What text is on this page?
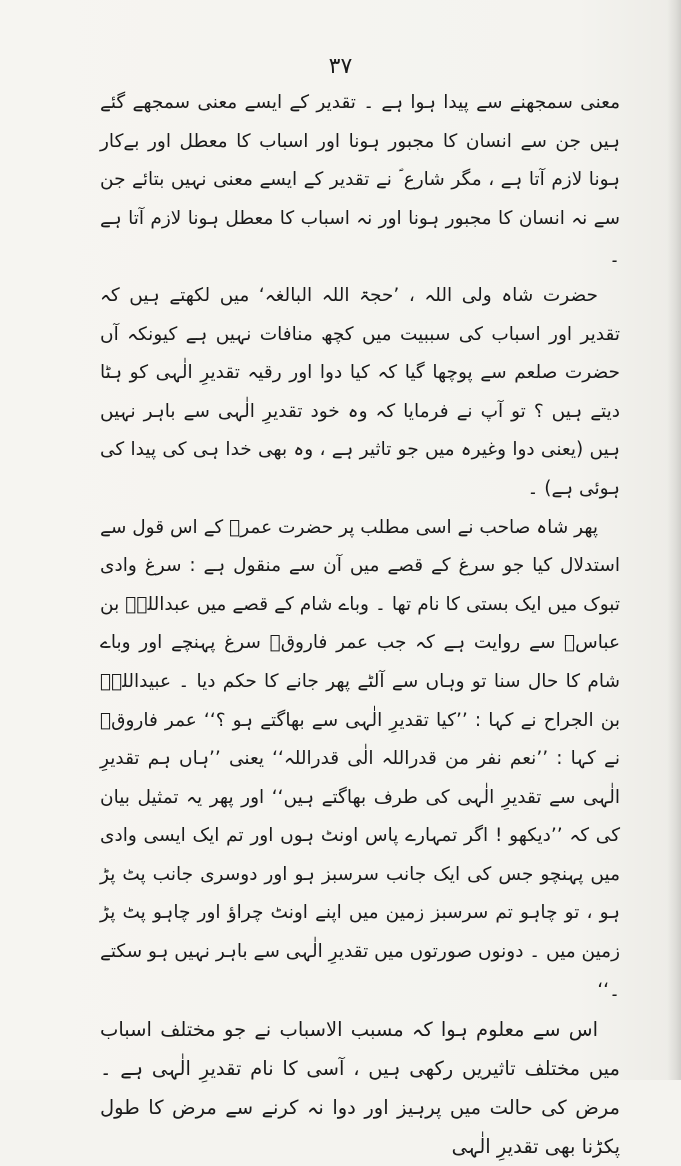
۳۷

معنی سمجھنے سے پیدا ہوا ہے ۔ تقدیر کے ایسے معنی سمجھے گئے ہیں جن سے انسان کا مجبور ہونا اور اسباب کا معطل اور بےکار ہونا لازم آتا ہے ، مگر شارع ؐ نے تقدیر کے ایسے معنی نہیں بتائے جن سے نہ انسان کا مجبور ہونا اور نہ اسباب کا معطل ہونا لازم آتا ہے ۔

حضرت شاہ ولی اللہ ، ’حجۃ اللہ البالغہ‘ میں لکھتے ہیں کہ تقدیر اور اسباب کی سببیت میں کچھ منافات نہیں ہے کیونکہ آں حضرت صلعم سے پوچھا گیا کہ کیا دوا اور رقیہ تقدیرِ الٰہی کو ہٹا دیتے ہیں ؟ تو آپ نے فرمایا کہ وہ خود تقدیرِ الٰہی سے باہر نہیں ہیں (یعنی دوا وغیرہ میں جو تاثیر ہے ، وہ بھی خدا ہی کی پیدا کی ہوئی ہے) ۔

پھر شاہ صاحب نے اسی مطلب پر حضرت عمرؓ کے اس قول سے استدلال کیا جو سرغ کے قصے میں آن سے منقول ہے : سرغ وادی تبوک میں ایک بستی کا نام تھا ۔ وباے شام کے قصے میں عبداللہؓ بن عباسؓ سے روایت ہے کہ جب عمر فاروقؓ سرغ پہنچے اور وباے شام کا حال سنا تو وہاں سے آلٹے پھر جانے کا حکم دیا ۔ عبیداللہؓ بن الجراح نے کہا : ’’کیا تقدیرِ الٰہی سے بھاگتے ہو ؟‘‘ عمر فاروقؓ نے کہا : ’’نعم نفر من قدراللہ الٰی قدراللہ‘‘ یعنی ’’ہاں ہم تقدیرِ الٰہی سے تقدیرِ الٰہی کی طرف بھاگتے ہیں‘‘ اور پھر یہ تمثیل بیان کی کہ ’’دیکھو ! اگر تمہارے پاس اونٹ ہوں اور تم ایک ایسی وادی میں پہنچو جس کی ایک جانب سرسبز ہو اور دوسری جانب پٹ پڑ ہو ، تو چاہو تم سرسبز زمین میں اپنے اونٹ چراؤ اور چاہو پٹ پڑ زمین میں ۔ دونوں صورتوں میں تقدیرِ الٰہی سے باہر نہیں ہو سکتے ۔‘‘

اس سے معلوم ہوا کہ مسبب الاسباب نے جو مختلف اسباب میں مختلف تاثیریں رکھی ہیں ، آسی کا نام تقدیرِ الٰہی ہے ۔ مرض کی حالت میں پرہیز اور دوا نہ کرنے سے مرض کا طول پکڑنا بھی تقدیرِ الٰہی
